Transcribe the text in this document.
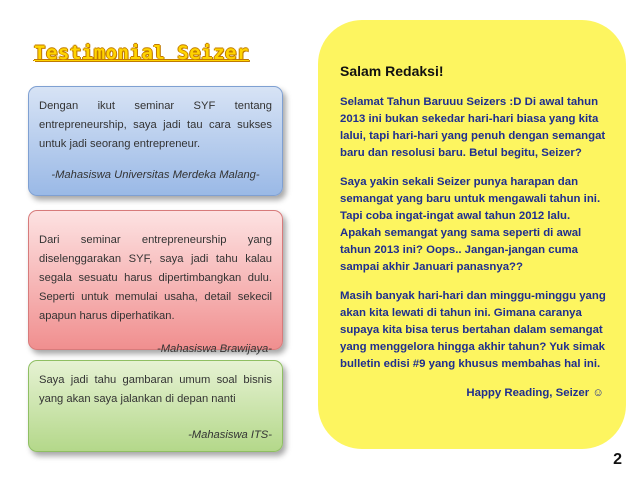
Testimonial Seizer

Dengan ikut seminar SYF tentang entrepreneurship, saya jadi tau cara sukses untuk jadi seorang entrepreneur.

-Mahasiswa Universitas Merdeka Malang-

Dari seminar entrepreneurship yang diselenggarakan SYF, saya jadi tahu kalau segala sesuatu harus dipertimbangkan dulu. Seperti untuk memulai usaha, detail sekecil apapun harus diperhatikan.

-Mahasiswa Brawijaya-

Saya jadi tahu gambaran umum soal bisnis yang akan saya jalankan di depan nanti

-Mahasiswa ITS-

Salam Redaksi!

Selamat Tahun Baruuu Seizers :D Di awal tahun 2013 ini bukan sekedar hari-hari biasa yang kita lalui, tapi hari-hari yang penuh dengan semangat baru dan resolusi baru. Betul begitu, Seizer?

Saya yakin sekali Seizer punya harapan dan semangat yang baru untuk mengawali tahun ini. Tapi coba ingat-ingat awal tahun 2012 lalu. Apakah semangat yang sama seperti di awal tahun 2013 ini? Oops.. Jangan-jangan cuma sampai akhir Januari panasnya??

Masih banyak hari-hari dan minggu-minggu yang akan kita lewati di tahun ini. Gimana caranya supaya kita bisa terus bertahan dalam semangat yang menggelora hingga akhir tahun? Yuk simak bulletin edisi #9 yang khusus membahas hal ini.

Happy Reading, Seizer ☺

2
